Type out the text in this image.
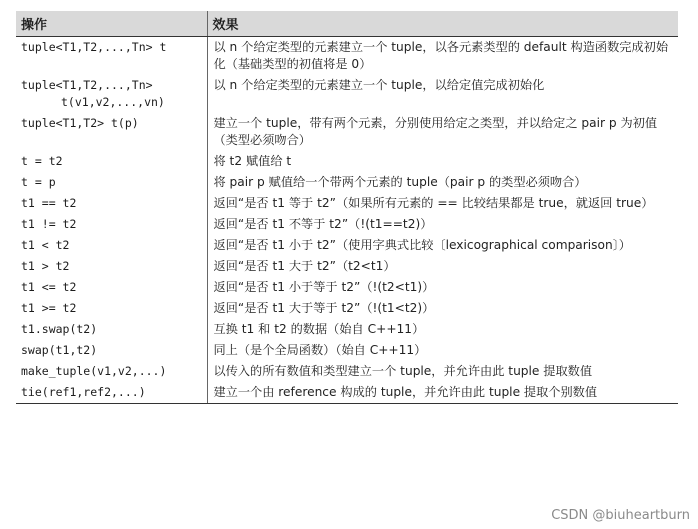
操作	效果
tuple<T1,T2,...,Tn> t	以 n 个给定类型的元素建立一个 tuple，以各元素类型的 default 构造函数完成初始化（基础类型的初值将是 0）
tuple<T1,T2,...,Tn>
t(v1,v2,...,vn)	以 n 个给定类型的元素建立一个 tuple，以给定值完成初始化
tuple<T1,T2> t(p)	建立一个 tuple，带有两个元素，分别使用给定之类型，并以给定之 pair p 为初值（类型必须吻合）
t = t2	将 t2 赋值给 t
t = p	将 pair p 赋值给一个带两个元素的 tuple（pair p 的类型必须吻合）
t1 == t2	返回“是否 t1 等于 t2”（如果所有元素的 == 比较结果都是 true，就返回 true）
t1 != t2	返回“是否 t1 不等于 t2”（!(t1==t2)）
t1 < t2	返回“是否 t1 小于 t2”（使用字典式比较〔lexicographical comparison〕）
t1 > t2	返回“是否 t1 大于 t2”（t2<t1）
t1 <= t2	返回“是否 t1 小于等于 t2”（!(t2<t1)）
t1 >= t2	返回“是否 t1 大于等于 t2”（!(t1<t2)）
t1.swap(t2)	互换 t1 和 t2 的数据（始自 C++11）
swap(t1,t2)	同上（是个全局函数）（始自 C++11）
make_tuple(v1,v2,...)	以传入的所有数值和类型建立一个 tuple，并允许由此 tuple 提取数值
tie(ref1,ref2,...)	建立一个由 reference 构成的 tuple，并允许由此 tuple 提取个别数值
CSDN @biuheartburn
